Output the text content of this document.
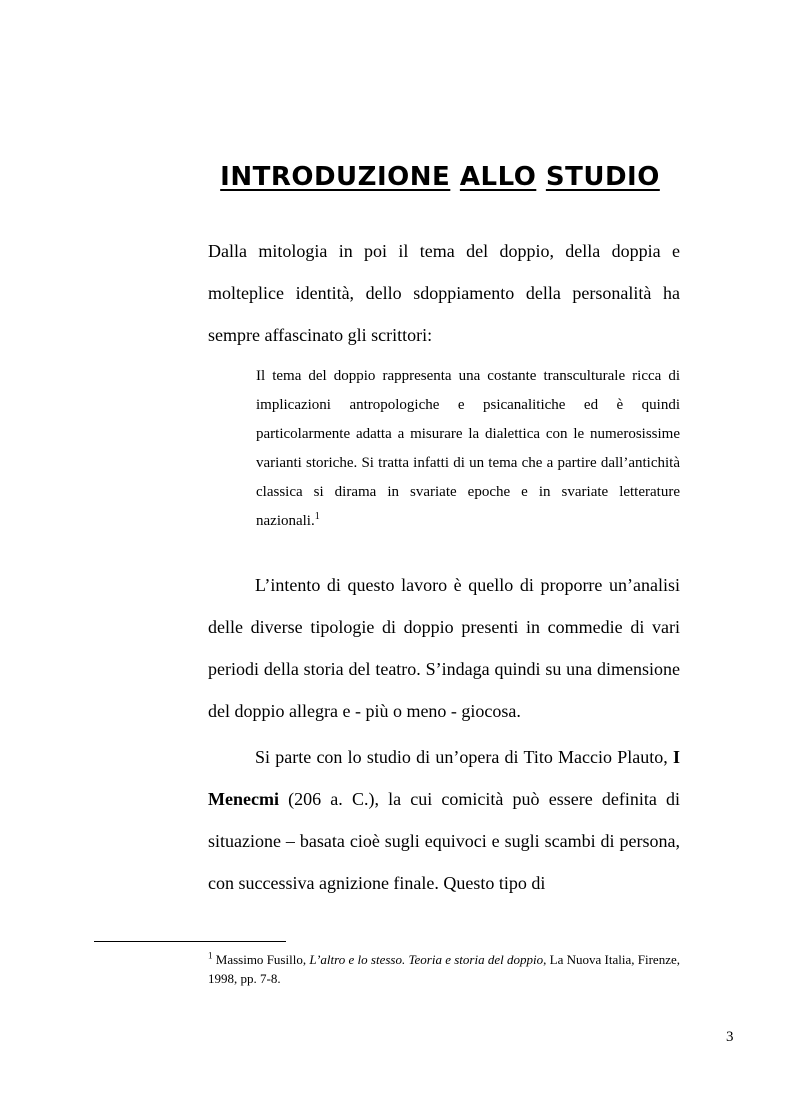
INTRODUZIONE ALLO STUDIO

Dalla mitologia in poi il tema del doppio, della doppia e molteplice identità, dello sdoppiamento della personalità ha sempre affascinato gli scrittori:

Il tema del doppio rappresenta una costante transculturale ricca di implicazioni antropologiche e psicanalitiche ed è quindi particolarmente adatta a misurare la dialettica con le numerosissime varianti storiche. Si tratta infatti di un tema che a partire dall’antichità classica si dirama in svariate epoche e in svariate letterature nazionali.$^1$

L’intento di questo lavoro è quello di proporre un’analisi delle diverse tipologie di doppio presenti in commedie di vari periodi della storia del teatro. S’indaga quindi su una dimensione del doppio allegra e - più o meno - giocosa.

Si parte con lo studio di un’opera di Tito Maccio Plauto, I Menecmi (206 a. C.), la cui comicità può essere definita di situazione – basata cioè sugli equivoci e sugli scambi di persona, con successiva agnizione finale. Questo tipo di

$^1$ Massimo Fusillo, L’altro e lo stesso. Teoria e storia del doppio, La Nuova Italia, Firenze, 1998, pp. 7-8.
3
